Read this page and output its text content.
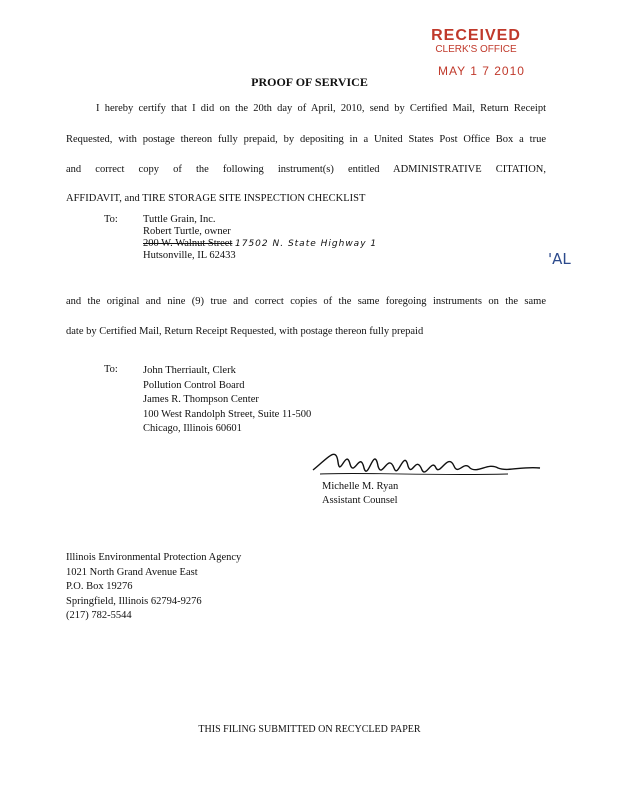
RECEIVED
CLERK'S OFFICE
MAY 1 7 2010
PROOF OF SERVICE
I hereby certify that I did on the 20th day of April, 2010, send by Certified Mail, Return Receipt
Requested, with postage thereon fully prepaid, by depositing in a United States Post Office Box a true
and correct copy of the following instrument(s) entitled ADMINISTRATIVE CITATION,
AFFIDAVIT, and TIRE STORAGE SITE INSPECTION CHECKLIST
To: Tuttle Grain, Inc.
Robert Turtle, owner
200 W. Walnut Street 17502 N. State Highway 1
Hutsonville, IL 62433	'AL
and the original and nine (9) true and correct copies of the same foregoing instruments on the same
date by Certified Mail, Return Receipt Requested, with postage thereon fully prepaid
To: John Therriault, Clerk
Pollution Control Board
James R. Thompson Center
100 West Randolph Street, Suite 11-500
Chicago, Illinois 60601
Michelle M. Ryan
Assistant Counsel
Illinois Environmental Protection Agency
1021 North Grand Avenue East
P.O. Box 19276
Springfield, Illinois 62794-9276
(217) 782-5544
THIS FILING SUBMITTED ON RECYCLED PAPER
